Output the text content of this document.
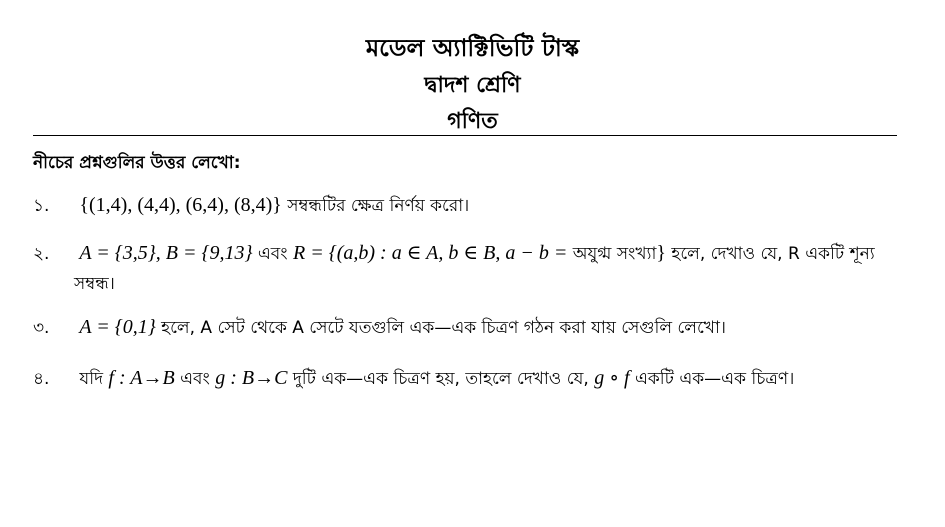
মডেল অ্যাক্টিভিটি টাস্ক
দ্বাদশ শ্রেণি
গণিত
নীচের প্রশ্নগুলির উত্তর লেখো:
১. {(1,4), (4,4), (6,4), (8,4)} সম্বন্ধটির ক্ষেত্র নির্ণয় করো।
২. A = {3,5}, B = {9,13} এবং R = {(a,b) : a ∈ A, b ∈ B, a − b = অযুগ্ম সংখ্যা} হলে, দেখাও যে, R একটি শূন্য
সম্বন্ধ।
৩. A = {0,1} হলে, A সেট থেকে A সেটে যতগুলি এক—এক চিত্রণ গঠন করা যায় সেগুলি লেখো।
৪. যদি f : A→B এবং g : B→C দুটি এক—এক চিত্রণ হয়, তাহলে দেখাও যে, g ∘ f একটি এক—এক চিত্রণ।
